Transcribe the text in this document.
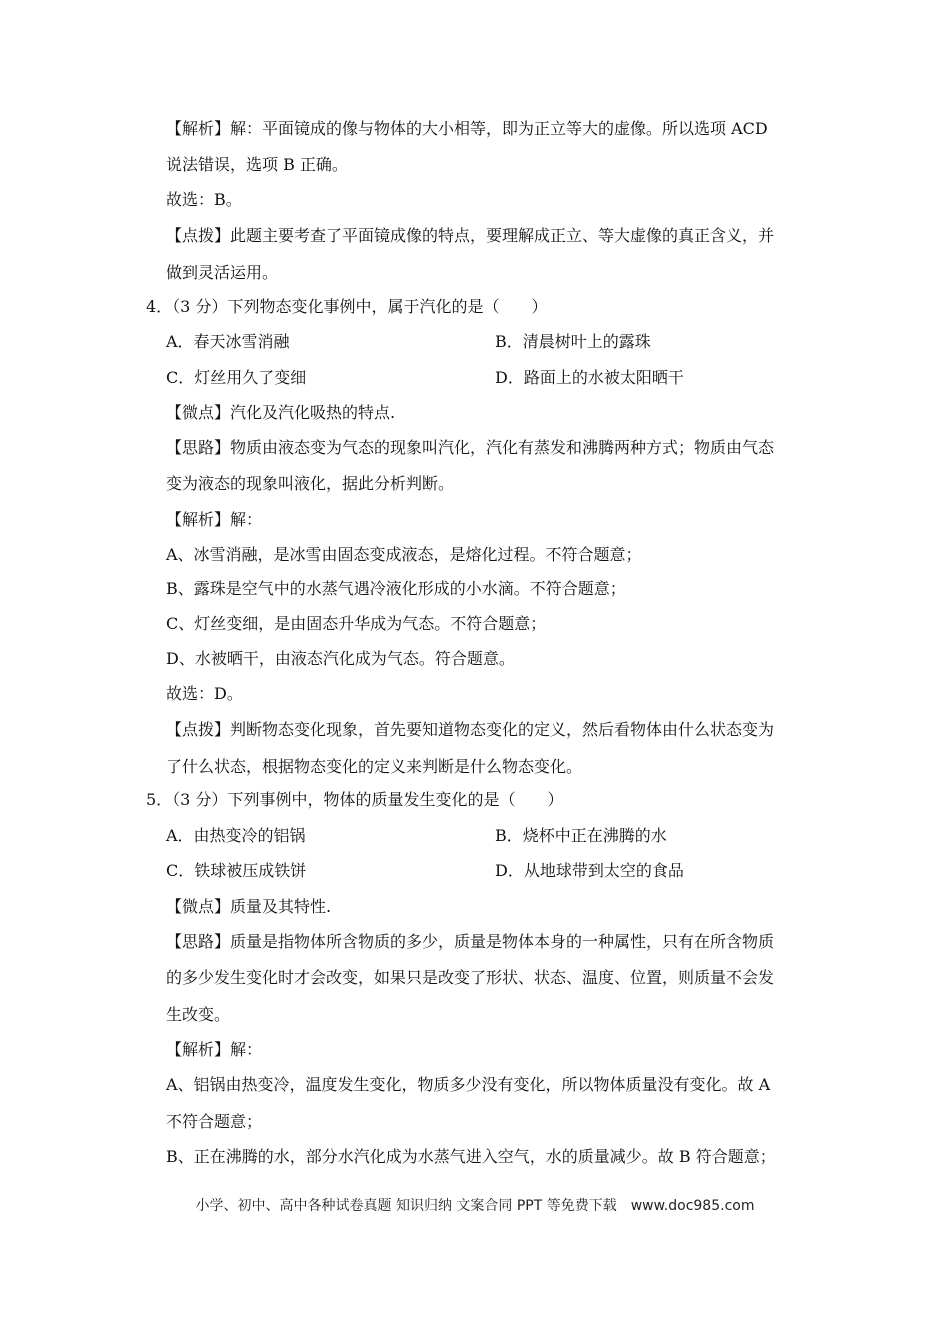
【解析】解：平面镜成的像与物体的大小相等，即为正立等大的虚像。所以选项 ACD
说法错误，选项 B 正确。
故选：B。
【点拨】此题主要考查了平面镜成像的特点，要理解成正立、等大虚像的真正含义，并
做到灵活运用。
4．（3 分）下列物态变化事例中，属于汽化的是（　　）
A．春天冰雪消融	B．清晨树叶上的露珠
C．灯丝用久了变细	D．路面上的水被太阳晒干
【微点】汽化及汽化吸热的特点.
【思路】物质由液态变为气态的现象叫汽化，汽化有蒸发和沸腾两种方式；物质由气态
变为液态的现象叫液化，据此分析判断。
【解析】解：
A、冰雪消融，是冰雪由固态变成液态，是熔化过程。不符合题意；
B、露珠是空气中的水蒸气遇冷液化形成的小水滴。不符合题意；
C、灯丝变细，是由固态升华成为气态。不符合题意；
D、水被晒干，由液态汽化成为气态。符合题意。
故选：D。
【点拨】判断物态变化现象，首先要知道物态变化的定义，然后看物体由什么状态变为
了什么状态，根据物态变化的定义来判断是什么物态变化。
5．（3 分）下列事例中，物体的质量发生变化的是（　　）
A．由热变冷的铝锅	B．烧杯中正在沸腾的水
C．铁球被压成铁饼	D．从地球带到太空的食品
【微点】质量及其特性.
【思路】质量是指物体所含物质的多少，质量是物体本身的一种属性，只有在所含物质
的多少发生变化时才会改变，如果只是改变了形状、状态、温度、位置，则质量不会发
生改变。
【解析】解：
A、铝锅由热变冷，温度发生变化，物质多少没有变化，所以物体质量没有变化。故 A
不符合题意；
B、正在沸腾的水，部分水汽化成为水蒸气进入空气，水的质量减少。故 B 符合题意；
小学、初中、高中各种试卷真题 知识归纳 文案合同 PPT 等免费下载　www.doc985.com
